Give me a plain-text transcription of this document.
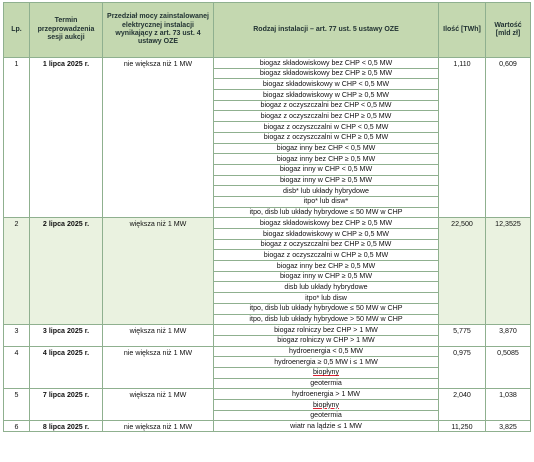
Lp.	Termin przeprowadzenia sesji aukcji	Przedział mocy zainstalowanej elektrycznej instalacji wynikający z art. 73 ust. 4 ustawy OZE	Rodzaj instalacji – art. 77 ust. 5 ustawy OZE	Ilość [TWh]	Wartość [mld zł]
1	1 lipca 2025 r.	nie większa niż 1 MW	biogaz składowiskowy bez CHP < 0,5 MW	1,110	0,609
			biogaz składowiskowy bez CHP ≥ 0,5 MW		
			biogaz składowiskowy w CHP < 0,5 MW		
			biogaz składowiskowy w CHP ≥ 0,5 MW		
			biogaz z oczyszczalni bez CHP < 0,5 MW		
			biogaz z oczyszczalni bez CHP ≥ 0,5 MW		
			biogaz z oczyszczalni w CHP < 0,5 MW		
			biogaz z oczyszczalni w CHP ≥ 0,5 MW		
			biogaz inny bez CHP < 0,5 MW		
			biogaz inny bez CHP ≥ 0,5 MW		
			biogaz inny w CHP < 0,5 MW		
			biogaz inny w CHP ≥ 0,5 MW		
			disb* lub układy hybrydowe		
			itpo* lub disw*		
			itpo, disb lub układy hybrydowe ≤ 50 MW w CHP		
2	2 lipca 2025 r.	większa niż 1 MW	biogaz składowiskowy bez CHP ≥ 0,5 MW	22,500	12,3525
			biogaz składowiskowy w CHP ≥ 0,5 MW		
			biogaz z oczyszczalni bez CHP ≥ 0,5 MW		
			biogaz z oczyszczalni w CHP ≥ 0,5 MW		
			biogaz inny bez CHP ≥ 0,5 MW		
			biogaz inny w CHP ≥ 0,5 MW		
			disb lub układy hybrydowe		
			itpo* lub disw		
			itpo, disb lub układy hybrydowe ≤ 50 MW w CHP		
			itpo, disb lub układy hybrydowe > 50 MW w CHP		
3	3 lipca 2025 r.	większa niż 1 MW	biogaz rolniczy bez CHP > 1 MW	5,775	3,870
			biogaz rolniczy w CHP > 1 MW		
4	4 lipca 2025 r.	nie większa niż 1 MW	hydroenergia < 0,5 MW	0,975	0,5085
			hydroenergia ≥ 0,5 MW i ≤ 1 MW		
			biopłyny		
			geotermia		
5	7 lipca 2025 r.	większa niż 1 MW	hydroenergia > 1 MW	2,040	1,038
			biopłyny		
			geotermia		
6	8 lipca 2025 r.	nie większa niż 1 MW	wiatr na lądzie ≤ 1 MW	11,250	3,825
